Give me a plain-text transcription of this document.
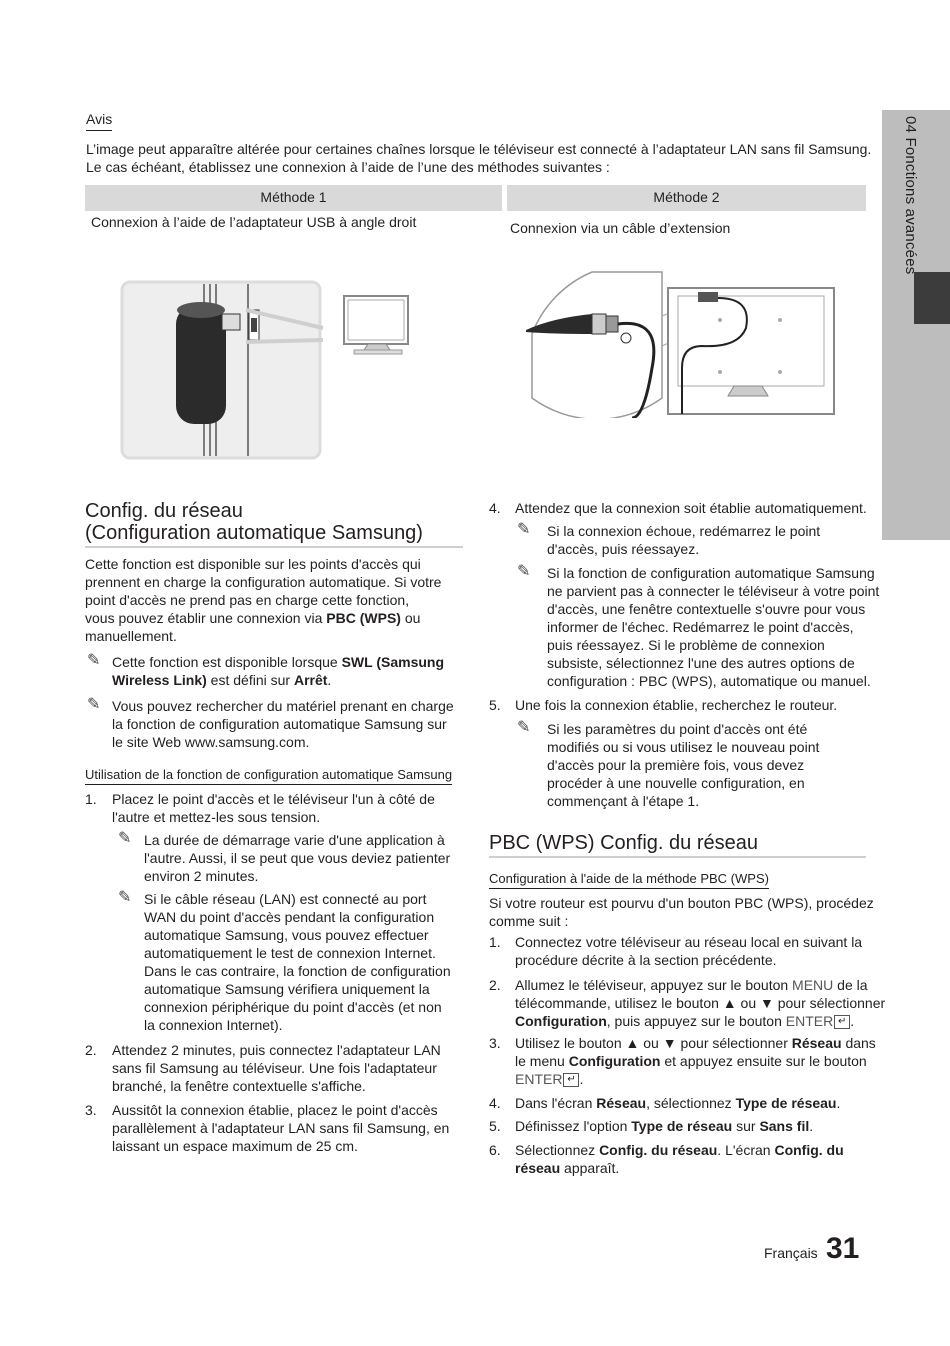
04 Fonctions avancées
Avis
L’image peut apparaître altérée pour certaines chaînes lorsque le téléviseur est connecté à l’adaptateur LAN sans fil Samsung. Le cas échéant, établissez une connexion à l’aide de l’une des méthodes suivantes :
Méthode 1	Méthode 2
Connexion à l’aide de l’adaptateur USB à angle droit	Connexion via un câble d’extension
Config. du réseau
(Configuration automatique Samsung)
Cette fonction est disponible sur les points d'accès qui
prennent en charge la configuration automatique. Si votre
point d'accès ne prend pas en charge cette fonction,
vous pouvez établir une connexion via PBC (WPS) ou
manuellement.
✎ Cette fonction est disponible lorsque SWL (Samsung
Wireless Link) est défini sur Arrêt.
✎ Vous pouvez rechercher du matériel prenant en charge
la fonction de configuration automatique Samsung sur
le site Web www.samsung.com.
Utilisation de la fonction de configuration automatique Samsung
1. Placez le point d'accès et le téléviseur l'un à côté de
l'autre et mettez-les sous tension.
✎ La durée de démarrage varie d'une application à
l'autre. Aussi, il se peut que vous deviez patienter
environ 2 minutes.
✎ Si le câble réseau (LAN) est connecté au port
WAN du point d'accès pendant la configuration
automatique Samsung, vous pouvez effectuer
automatiquement le test de connexion Internet.
Dans le cas contraire, la fonction de configuration
automatique Samsung vérifiera uniquement la
connexion périphérique du point d'accès (et non
la connexion Internet).
2. Attendez 2 minutes, puis connectez l'adaptateur LAN
sans fil Samsung au téléviseur. Une fois l'adaptateur
branché, la fenêtre contextuelle s'affiche.
3. Aussitôt la connexion établie, placez le point d'accès
parallèlement à l'adaptateur LAN sans fil Samsung, en
laissant un espace maximum de 25 cm.
4. Attendez que la connexion soit établie automatiquement.
✎ Si la connexion échoue, redémarrez le point
d'accès, puis réessayez.
✎ Si la fonction de configuration automatique Samsung
ne parvient pas à connecter le téléviseur à votre point
d'accès, une fenêtre contextuelle s'ouvre pour vous
informer de l'échec. Redémarrez le point d'accès,
puis réessayez. Si le problème de connexion
subsiste, sélectionnez l'une des autres options de
configuration : PBC (WPS), automatique ou manuel.
5. Une fois la connexion établie, recherchez le routeur.
✎ Si les paramètres du point d'accès ont été
modifiés ou si vous utilisez le nouveau point
d'accès pour la première fois, vous devez
procéder à une nouvelle configuration, en
commençant à l'étape 1.
PBC (WPS) Config. du réseau
Configuration à l'aide de la méthode PBC (WPS)
Si votre routeur est pourvu d'un bouton PBC (WPS), procédez
comme suit :
1. Connectez votre téléviseur au réseau local en suivant la
procédure décrite à la section précédente.
2. Allumez le téléviseur, appuyez sur le bouton MENU de la
télécommande, utilisez le bouton ▲ ou ▼ pour sélectionner
Configuration, puis appuyez sur le bouton ENTER ↵ .
3. Utilisez le bouton ▲ ou ▼ pour sélectionner Réseau dans
le menu Configuration et appuyez ensuite sur le bouton
ENTER ↵ .
4. Dans l'écran Réseau, sélectionnez Type de réseau.
5. Définissez l'option Type de réseau sur Sans fil.
6. Sélectionnez Config. du réseau. L'écran Config. du
réseau apparaît.
Français 31
